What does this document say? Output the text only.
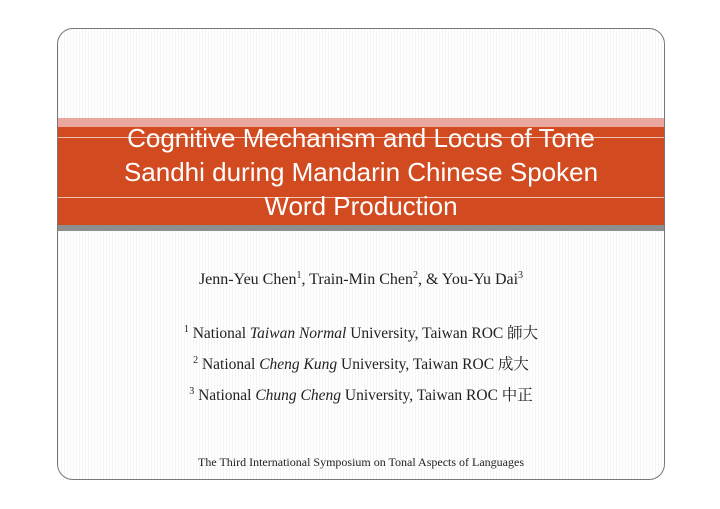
Cognitive Mechanism and Locus of Tone
Sandhi during Mandarin Chinese Spoken
Word Production
Jenn-Yeu Chen$^1$, Train-Min Chen$^2$, & You-Yu Dai$^3$
$^1$ National Taiwan Normal University, Taiwan ROC 師大
$^2$ National Cheng Kung University, Taiwan ROC 成大
$^3$ National Chung Cheng University, Taiwan ROC 中正
The Third International Symposium on Tonal Aspects of Languages
